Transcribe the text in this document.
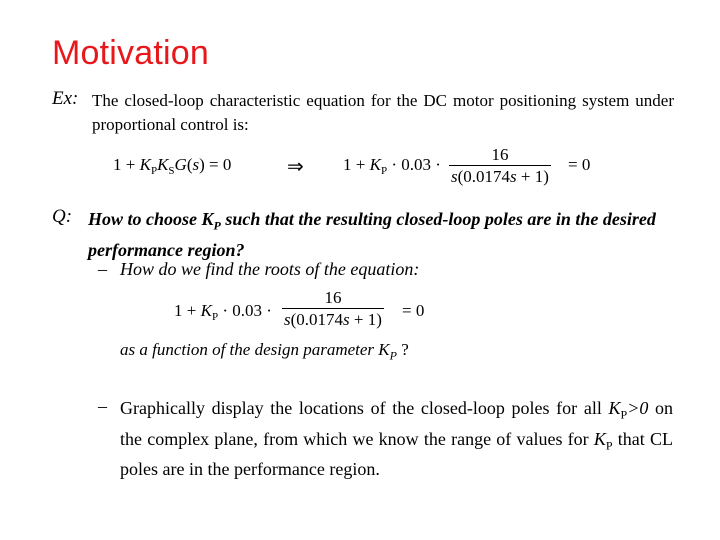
Motivation
Ex: The closed-loop characteristic equation for the DC motor positioning system under proportional control is:
$1 + K_PK_SG(s) = 0$	⇒ $1 + K_P \cdot 0.03 \cdot \frac{16}{s(0.0174s + 1)} = 0$
Q: How to choose $K_P$ such that the resulting closed-loop poles are in the desired performance region?
– How do we find the roots of the equation:
$1 + K_P \cdot 0.03 \cdot \frac{16}{s(0.0174s + 1)} = 0$
as a function of the design parameter $K_P$ ?
– Graphically display the locations of the closed-loop poles for all $K_P>0$ on the complex plane, from which we know the range of values for $K_P$ that CL poles are in the performance region.
